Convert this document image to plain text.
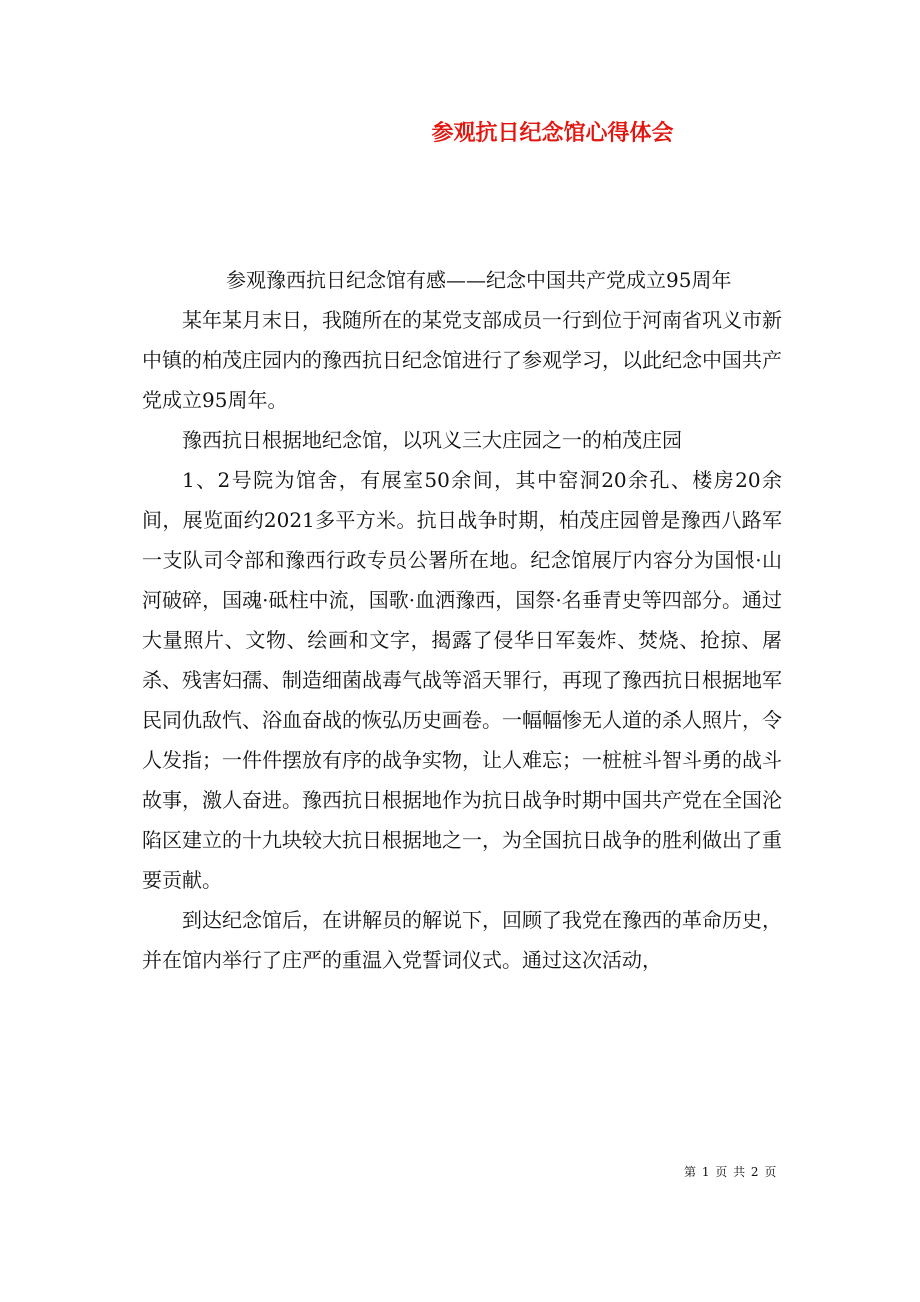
参观抗日纪念馆心得体会

参观豫西抗日纪念馆有感——纪念中国共产党成立95周年

某年某月末日，我随所在的某党支部成员一行到位于河南省巩义市新中镇的柏茂庄园内的豫西抗日纪念馆进行了参观学习，以此纪念中国共产党成立95周年。

豫西抗日根据地纪念馆，以巩义三大庄园之一的柏茂庄园

1、2号院为馆舍，有展室50余间，其中窑洞20余孔、楼房20余间，展览面约2021多平方米。抗日战争时期，柏茂庄园曾是豫西八路军一支队司令部和豫西行政专员公署所在地。纪念馆展厅内容分为国恨·山河破碎，国魂·砥柱中流，国歌·血洒豫西，国祭·名垂青史等四部分。通过大量照片、文物、绘画和文字，揭露了侵华日军轰炸、焚烧、抢掠、屠杀、残害妇孺、制造细菌战毒气战等滔天罪行，再现了豫西抗日根据地军民同仇敌忾、浴血奋战的恢弘历史画卷。一幅幅惨无人道的杀人照片，令人发指；一件件摆放有序的战争实物，让人难忘；一桩桩斗智斗勇的战斗故事，激人奋进。豫西抗日根据地作为抗日战争时期中国共产党在全国沦陷区建立的十九块较大抗日根据地之一，为全国抗日战争的胜利做出了重要贡献。

到达纪念馆后，在讲解员的解说下，回顾了我党在豫西的革命历史，并在馆内举行了庄严的重温入党誓词仪式。通过这次活动，

第 1 页 共 2 页
